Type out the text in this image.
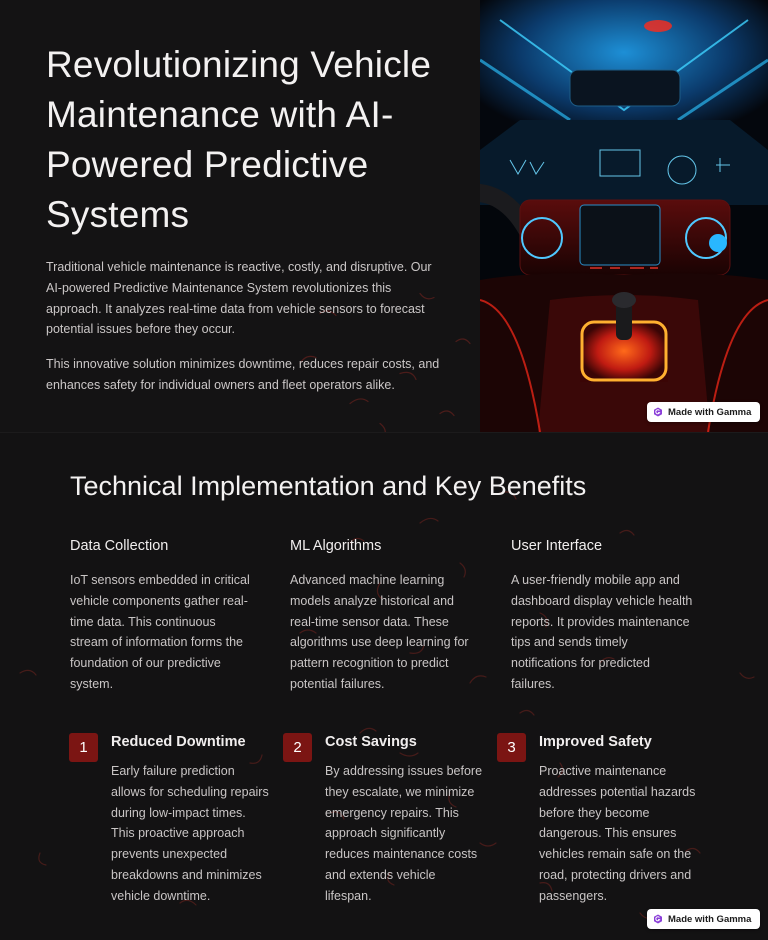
Revolutionizing Vehicle Maintenance with AI-Powered Predictive Systems

Traditional vehicle maintenance is reactive, costly, and disruptive. Our AI-powered Predictive Maintenance System revolutionizes this approach. It analyzes real-time data from vehicle sensors to forecast potential issues before they occur.

This innovative solution minimizes downtime, reduces repair costs, and enhances safety for individual owners and fleet operators alike.

Made with Gamma
Technical Implementation and Key Benefits
Data Collection

IoT sensors embedded in critical vehicle components gather real-time data. This continuous stream of information forms the foundation of our predictive system.

ML Algorithms

Advanced machine learning models analyze historical and real-time sensor data. These algorithms use deep learning for pattern recognition to predict potential failures.

User Interface

A user-friendly mobile app and dashboard display vehicle health reports. It provides maintenance tips and sends timely notifications for predicted failures.

1	Reduced Downtime

Early failure prediction allows for scheduling repairs during low-impact times. This proactive approach prevents unexpected breakdowns and minimizes vehicle downtime.

2	Cost Savings

By addressing issues before they escalate, we minimize emergency repairs. This approach significantly reduces maintenance costs and extends vehicle lifespan.

3	Improved Safety

Proactive maintenance addresses potential hazards before they become dangerous. This ensures vehicles remain safe on the road, protecting drivers and passengers.

Made with Gamma
